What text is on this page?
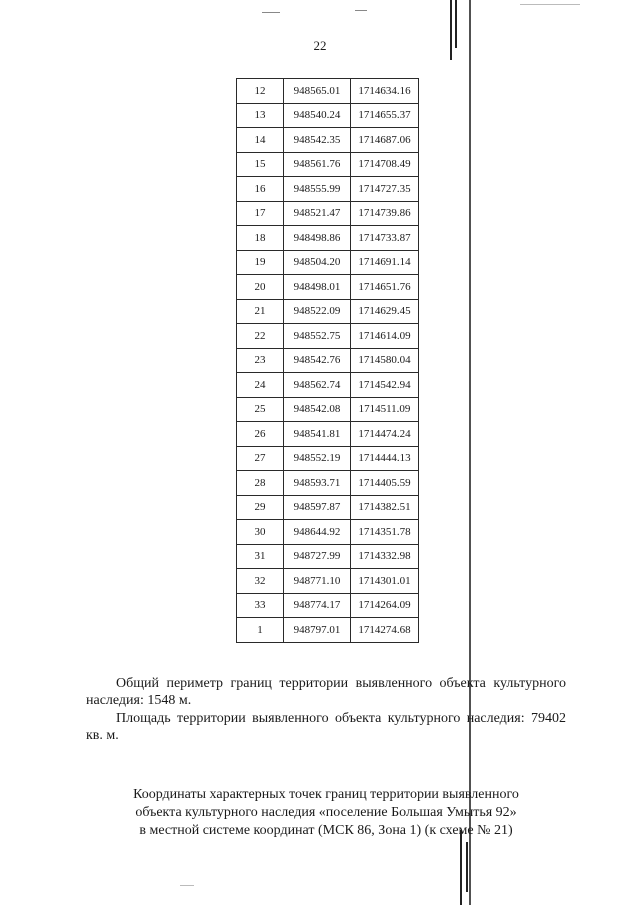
22
12	948565.01	1714634.16
13	948540.24	1714655.37
14	948542.35	1714687.06
15	948561.76	1714708.49
16	948555.99	1714727.35
17	948521.47	1714739.86
18	948498.86	1714733.87
19	948504.20	1714691.14
20	948498.01	1714651.76
21	948522.09	1714629.45
22	948552.75	1714614.09
23	948542.76	1714580.04
24	948562.74	1714542.94
25	948542.08	1714511.09
26	948541.81	1714474.24
27	948552.19	1714444.13
28	948593.71	1714405.59
29	948597.87	1714382.51
30	948644.92	1714351.78
31	948727.99	1714332.98
32	948771.10	1714301.01
33	948774.17	1714264.09
1	948797.01	1714274.68
Общий периметр границ территории выявленного объекта культурного наследия: 1548 м.
Площадь территории выявленного объекта культурного наследия: 79402 кв. м.
Координаты характерных точек границ территории выявленного
объекта культурного наследия «поселение Большая Умытья 92»
в местной системе координат (МСК 86, Зона 1) (к схеме № 21)
